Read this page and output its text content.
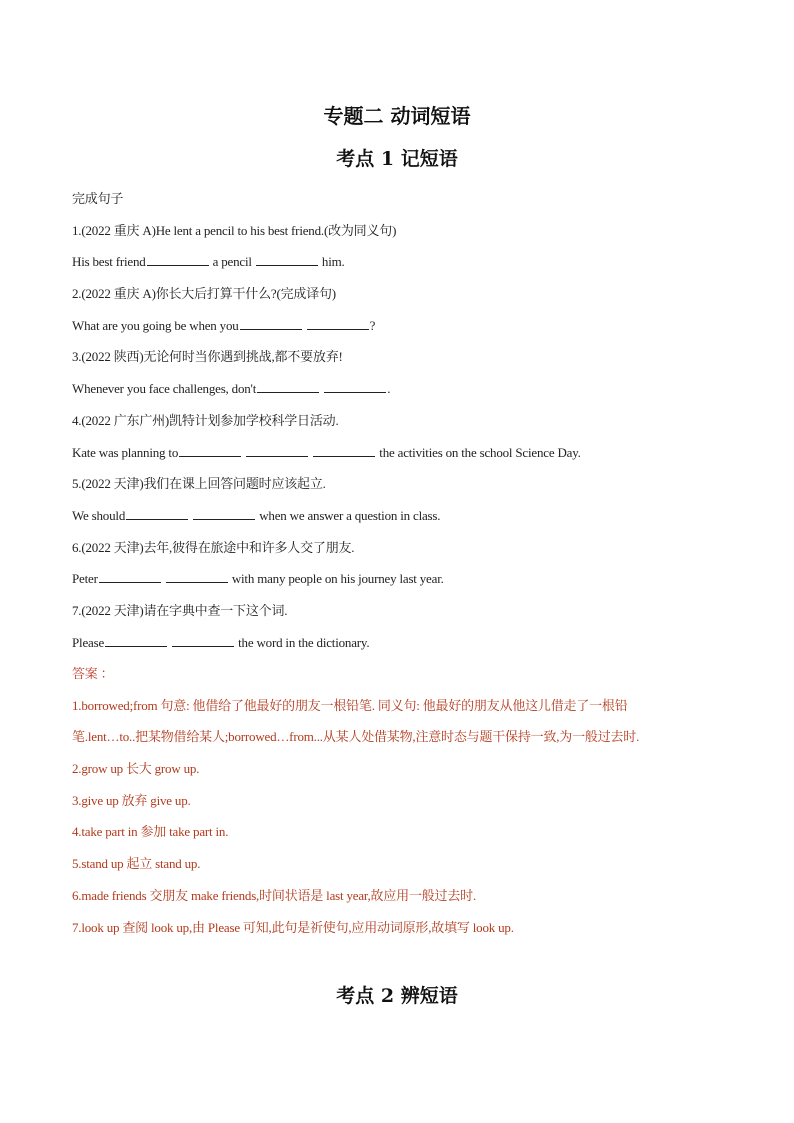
专题二 动词短语
考点 1 记短语
完成句子
1.(2022 重庆 A)He lent a pencil to his best friend.(改为同义句)
His best friend	a pencil	him.
2.(2022 重庆 A)你长大后打算干什么?(完成译句)
What are you going be when you	?
3.(2022 陕西)无论何时当你遇到挑战,都不要放弃!
Whenever you face challenges, don't	.
4.(2022 广东广州)凯特计划参加学校科学日活动.
Kate was planning to	the activities on the school Science Day.
5.(2022 天津)我们在课上回答问题时应该起立.
We should	when we answer a question in class.
6.(2022 天津)去年,彼得在旅途中和许多人交了朋友.
Peter	with many people on his journey last year.
7.(2022 天津)请在字典中查一下这个词.
Please	the word in the dictionary.
答案 ：
1.borrowed;from 句意: 他借给了他最好的朋友一根铅笔. 同义句: 他最好的朋友从他这儿借走了一根铅
笔.lent…to..把某物借给某人;borrowed…from...从某人处借某物,注意时态与题干保持一致,为一般过去时.
2.grow up 长大 grow up.
3.give up 放弃 give up.
4.take part in 参加 take part in.
5.stand up 起立 stand up.
6.made friends 交朋友 make friends,时间状语是 last year,故应用一般过去时.
7.look up 查阅 look up,由 Please 可知,此句是祈使句,应用动词原形,故填写 look up.
考点 2 辨短语
